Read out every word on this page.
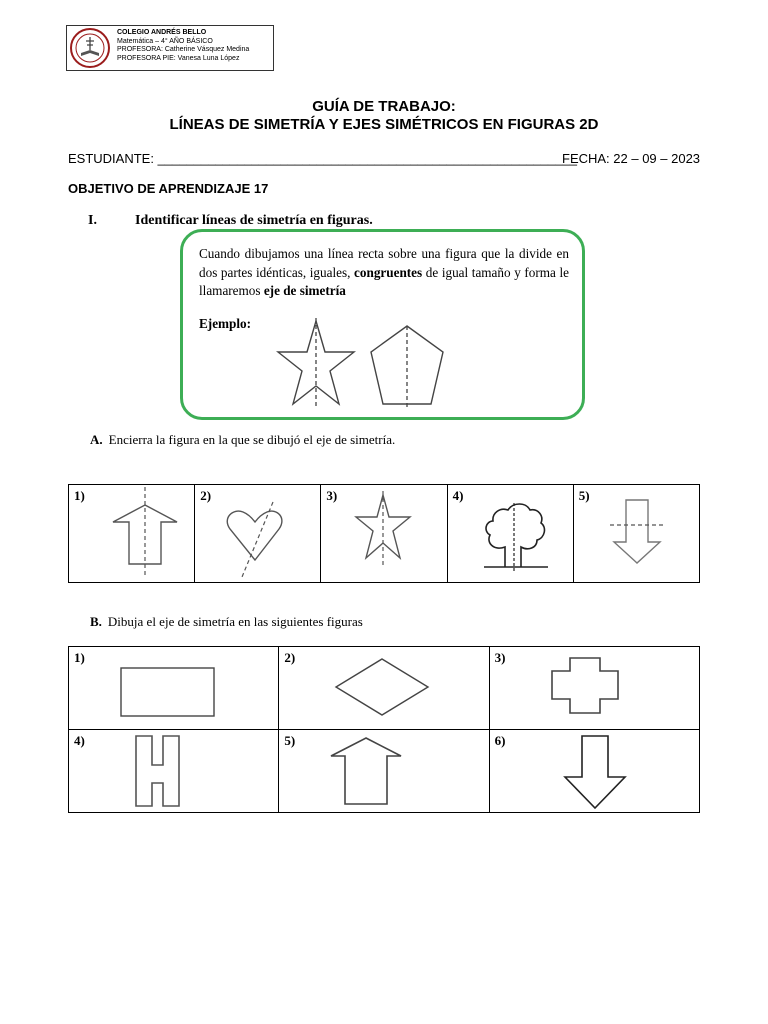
COLEGIO ANDRÉS BELLO
Matemática – 4° AÑO BÁSICO
PROFESORA: Catherine Vásquez Medina
PROFESORA PIE: Vanesa Luna López
GUÍA DE TRABAJO:
LÍNEAS DE SIMETRÍA Y EJES SIMÉTRICOS EN FIGURAS 2D
ESTUDIANTE: __________________________________________________________
FECHA: 22 – 09 – 2023
OBJETIVO DE APRENDIZAJE 17
I.	Identificar líneas de simetría en figuras.
Cuando dibujamos una línea recta sobre una figura que la divide en dos partes idénticas, iguales, congruentes de igual tamaño y forma le llamaremos eje de simetría
Ejemplo:
A. Encierra la figura en la que se dibujó el eje de simetría.
1)	2)	3)	4)	5)
B. Dibuja el eje de simetría en las siguientes figuras
1)	2)	3)

4)	5)	6)
